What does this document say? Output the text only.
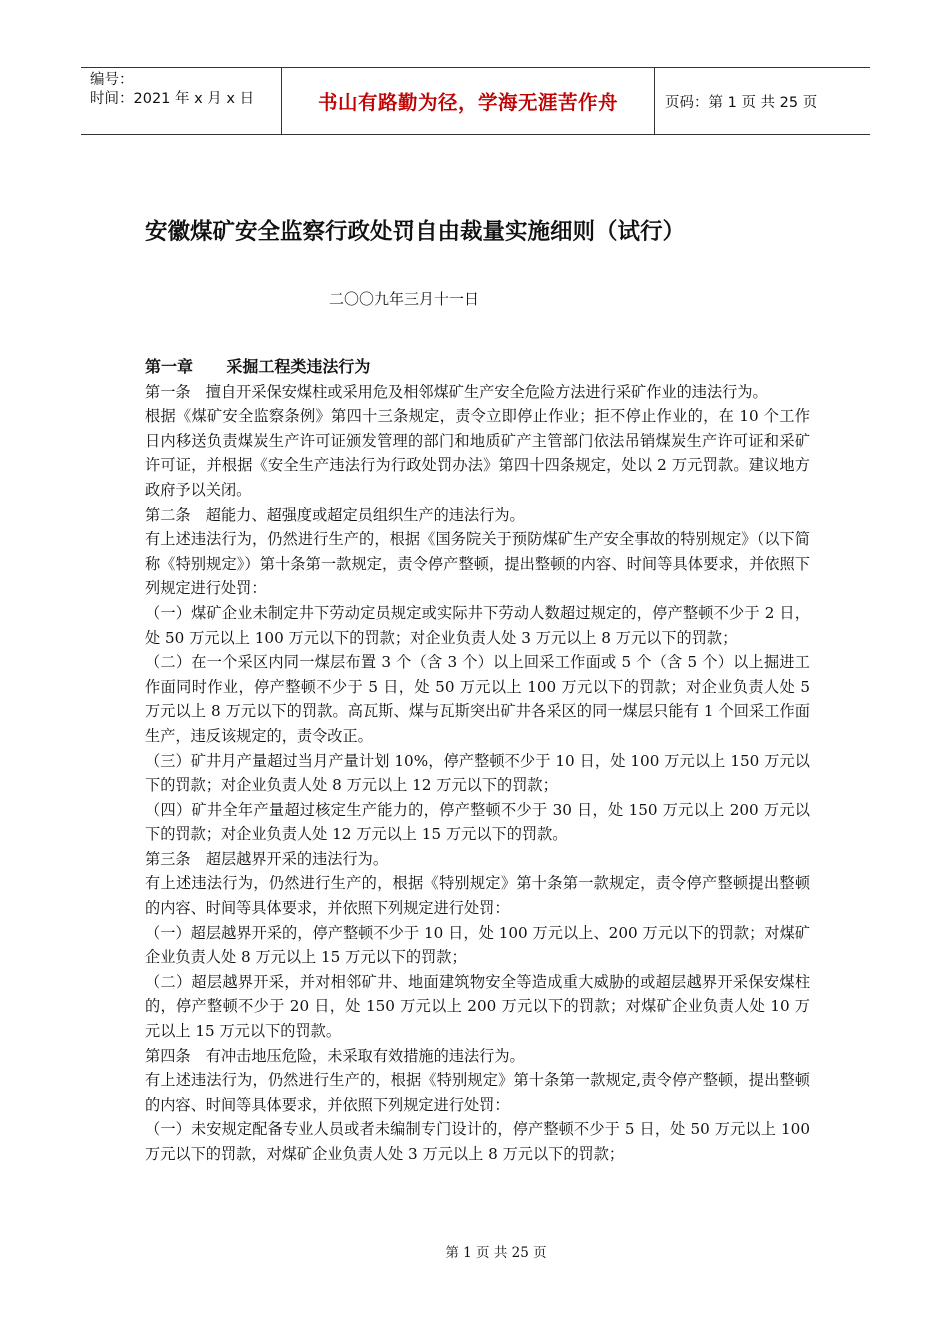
编号：
时间：2021 年 x 月 x 日	书山有路勤为径，学海无涯苦作舟	页码：第 1 页 共 25 页
安徽煤矿安全监察行政处罚自由裁量实施细则（试行）
二〇〇九年三月十一日

第一章      采掘工程类违法行为

第一条　擅自开采保安煤柱或采用危及相邻煤矿生产安全危险方法进行采矿作业的违法行为。

根据《煤矿安全监察条例》第四十三条规定，责令立即停止作业；拒不停止作业的，在 10 个工作日内移送负责煤炭生产许可证颁发管理的部门和地质矿产主管部门依法吊销煤炭生产许可证和采矿许可证，并根据《安全生产违法行为行政处罚办法》第四十四条规定，处以 2 万元罚款。建议地方政府予以关闭。

第二条　超能力、超强度或超定员组织生产的违法行为。

有上述违法行为，仍然进行生产的，根据《国务院关于预防煤矿生产安全事故的特别规定》（以下简称《特别规定》）第十条第一款规定，责令停产整顿，提出整顿的内容、时间等具体要求，并依照下列规定进行处罚：

（一）煤矿企业未制定井下劳动定员规定或实际井下劳动人数超过规定的，停产整顿不少于 2 日，处 50 万元以上 100 万元以下的罚款；对企业负责人处 3 万元以上 8 万元以下的罚款；

（二）在一个采区内同一煤层布置 3 个（含 3 个）以上回采工作面或 5 个（含 5 个）以上掘进工作面同时作业，停产整顿不少于 5 日，处 50 万元以上 100 万元以下的罚款；对企业负责人处 5 万元以上 8 万元以下的罚款。高瓦斯、煤与瓦斯突出矿井各采区的同一煤层只能有 1 个回采工作面生产，违反该规定的，责令改正。

（三）矿井月产量超过当月产量计划 10%，停产整顿不少于 10 日，处 100 万元以上 150 万元以下的罚款；对企业负责人处 8 万元以上 12 万元以下的罚款；

（四）矿井全年产量超过核定生产能力的，停产整顿不少于 30 日，处 150 万元以上 200 万元以下的罚款；对企业负责人处 12 万元以上 15 万元以下的罚款。

第三条　超层越界开采的违法行为。

有上述违法行为，仍然进行生产的，根据《特别规定》第十条第一款规定，责令停产整顿提出整顿的内容、时间等具体要求，并依照下列规定进行处罚：

（一）超层越界开采的，停产整顿不少于 10 日，处 100 万元以上、200 万元以下的罚款；对煤矿企业负责人处 8 万元以上 15 万元以下的罚款；

（二）超层越界开采，并对相邻矿井、地面建筑物安全等造成重大威胁的或超层越界开采保安煤柱的，停产整顿不少于 20 日，处 150 万元以上 200 万元以下的罚款；对煤矿企业负责人处 10 万元以上 15 万元以下的罚款。

第四条　有冲击地压危险，未采取有效措施的违法行为。

有上述违法行为，仍然进行生产的，根据《特别规定》第十条第一款规定,责令停产整顿，提出整顿的内容、时间等具体要求，并依照下列规定进行处罚：

（一）未安规定配备专业人员或者未编制专门设计的，停产整顿不少于 5 日，处 50 万元以上 100 万元以下的罚款，对煤矿企业负责人处 3 万元以上 8 万元以下的罚款；

第 1 页 共 25 页
